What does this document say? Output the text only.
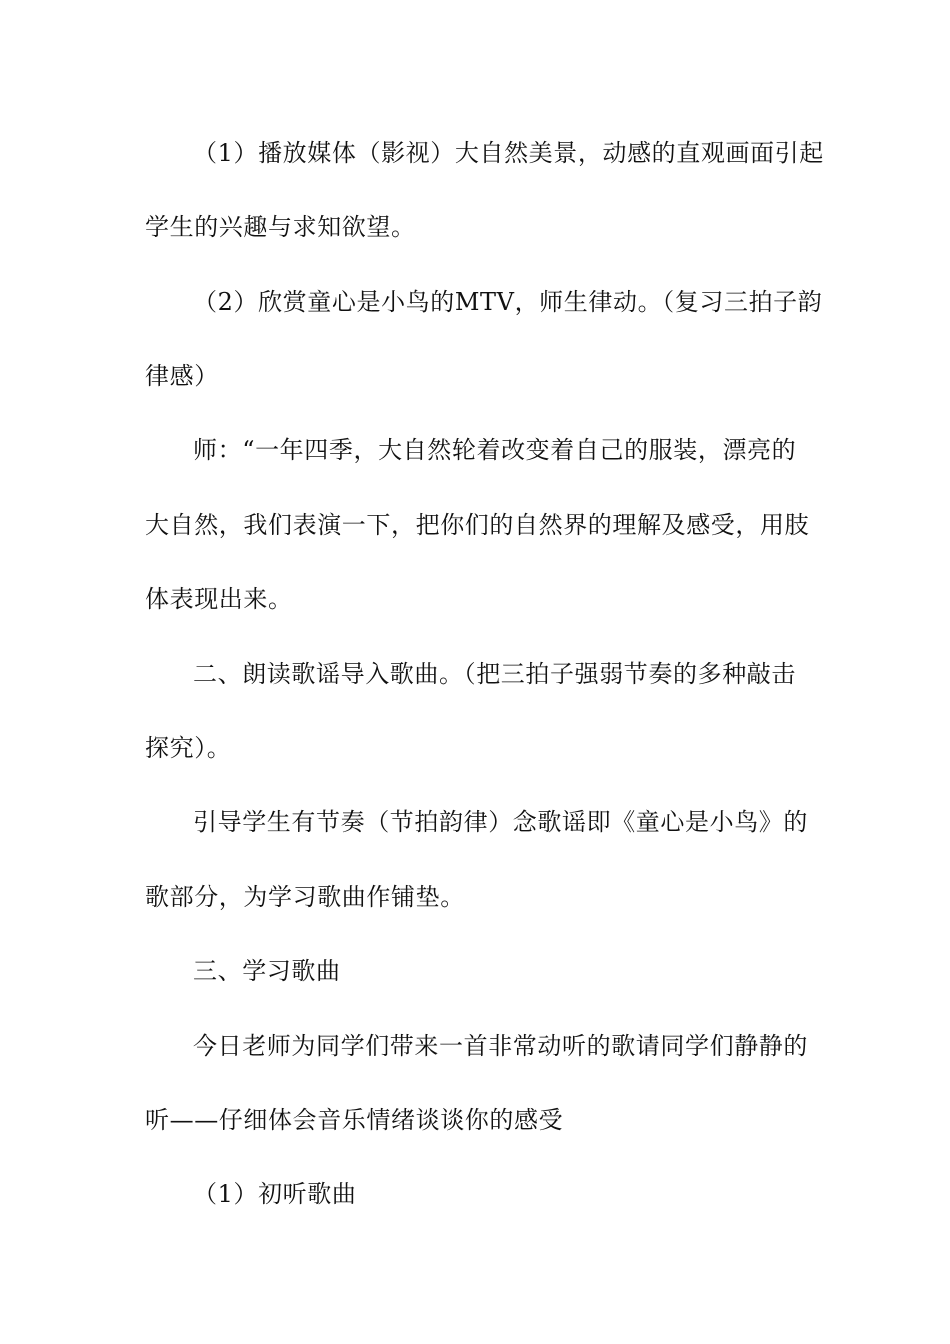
（1）播放媒体（影视）大自然美景，动感的直观画面引起
学生的兴趣与求知欲望。
（2）欣赏童心是小鸟的MTV，师生律动。（复习三拍子韵
律感）
师：“一年四季，大自然轮着改变着自己的服装，漂亮的
大自然，我们表演一下，把你们的自然界的理解及感受，用肢
体表现出来。
二、朗读歌谣导入歌曲。（把三拍子强弱节奏的多种敲击
探究）。
引导学生有节奏（节拍韵律）念歌谣即《童心是小鸟》的
歌部分，为学习歌曲作铺垫。
三、学习歌曲
今日老师为同学们带来一首非常动听的歌请同学们静静的
听——仔细体会音乐情绪谈谈你的感受
（1）初听歌曲
